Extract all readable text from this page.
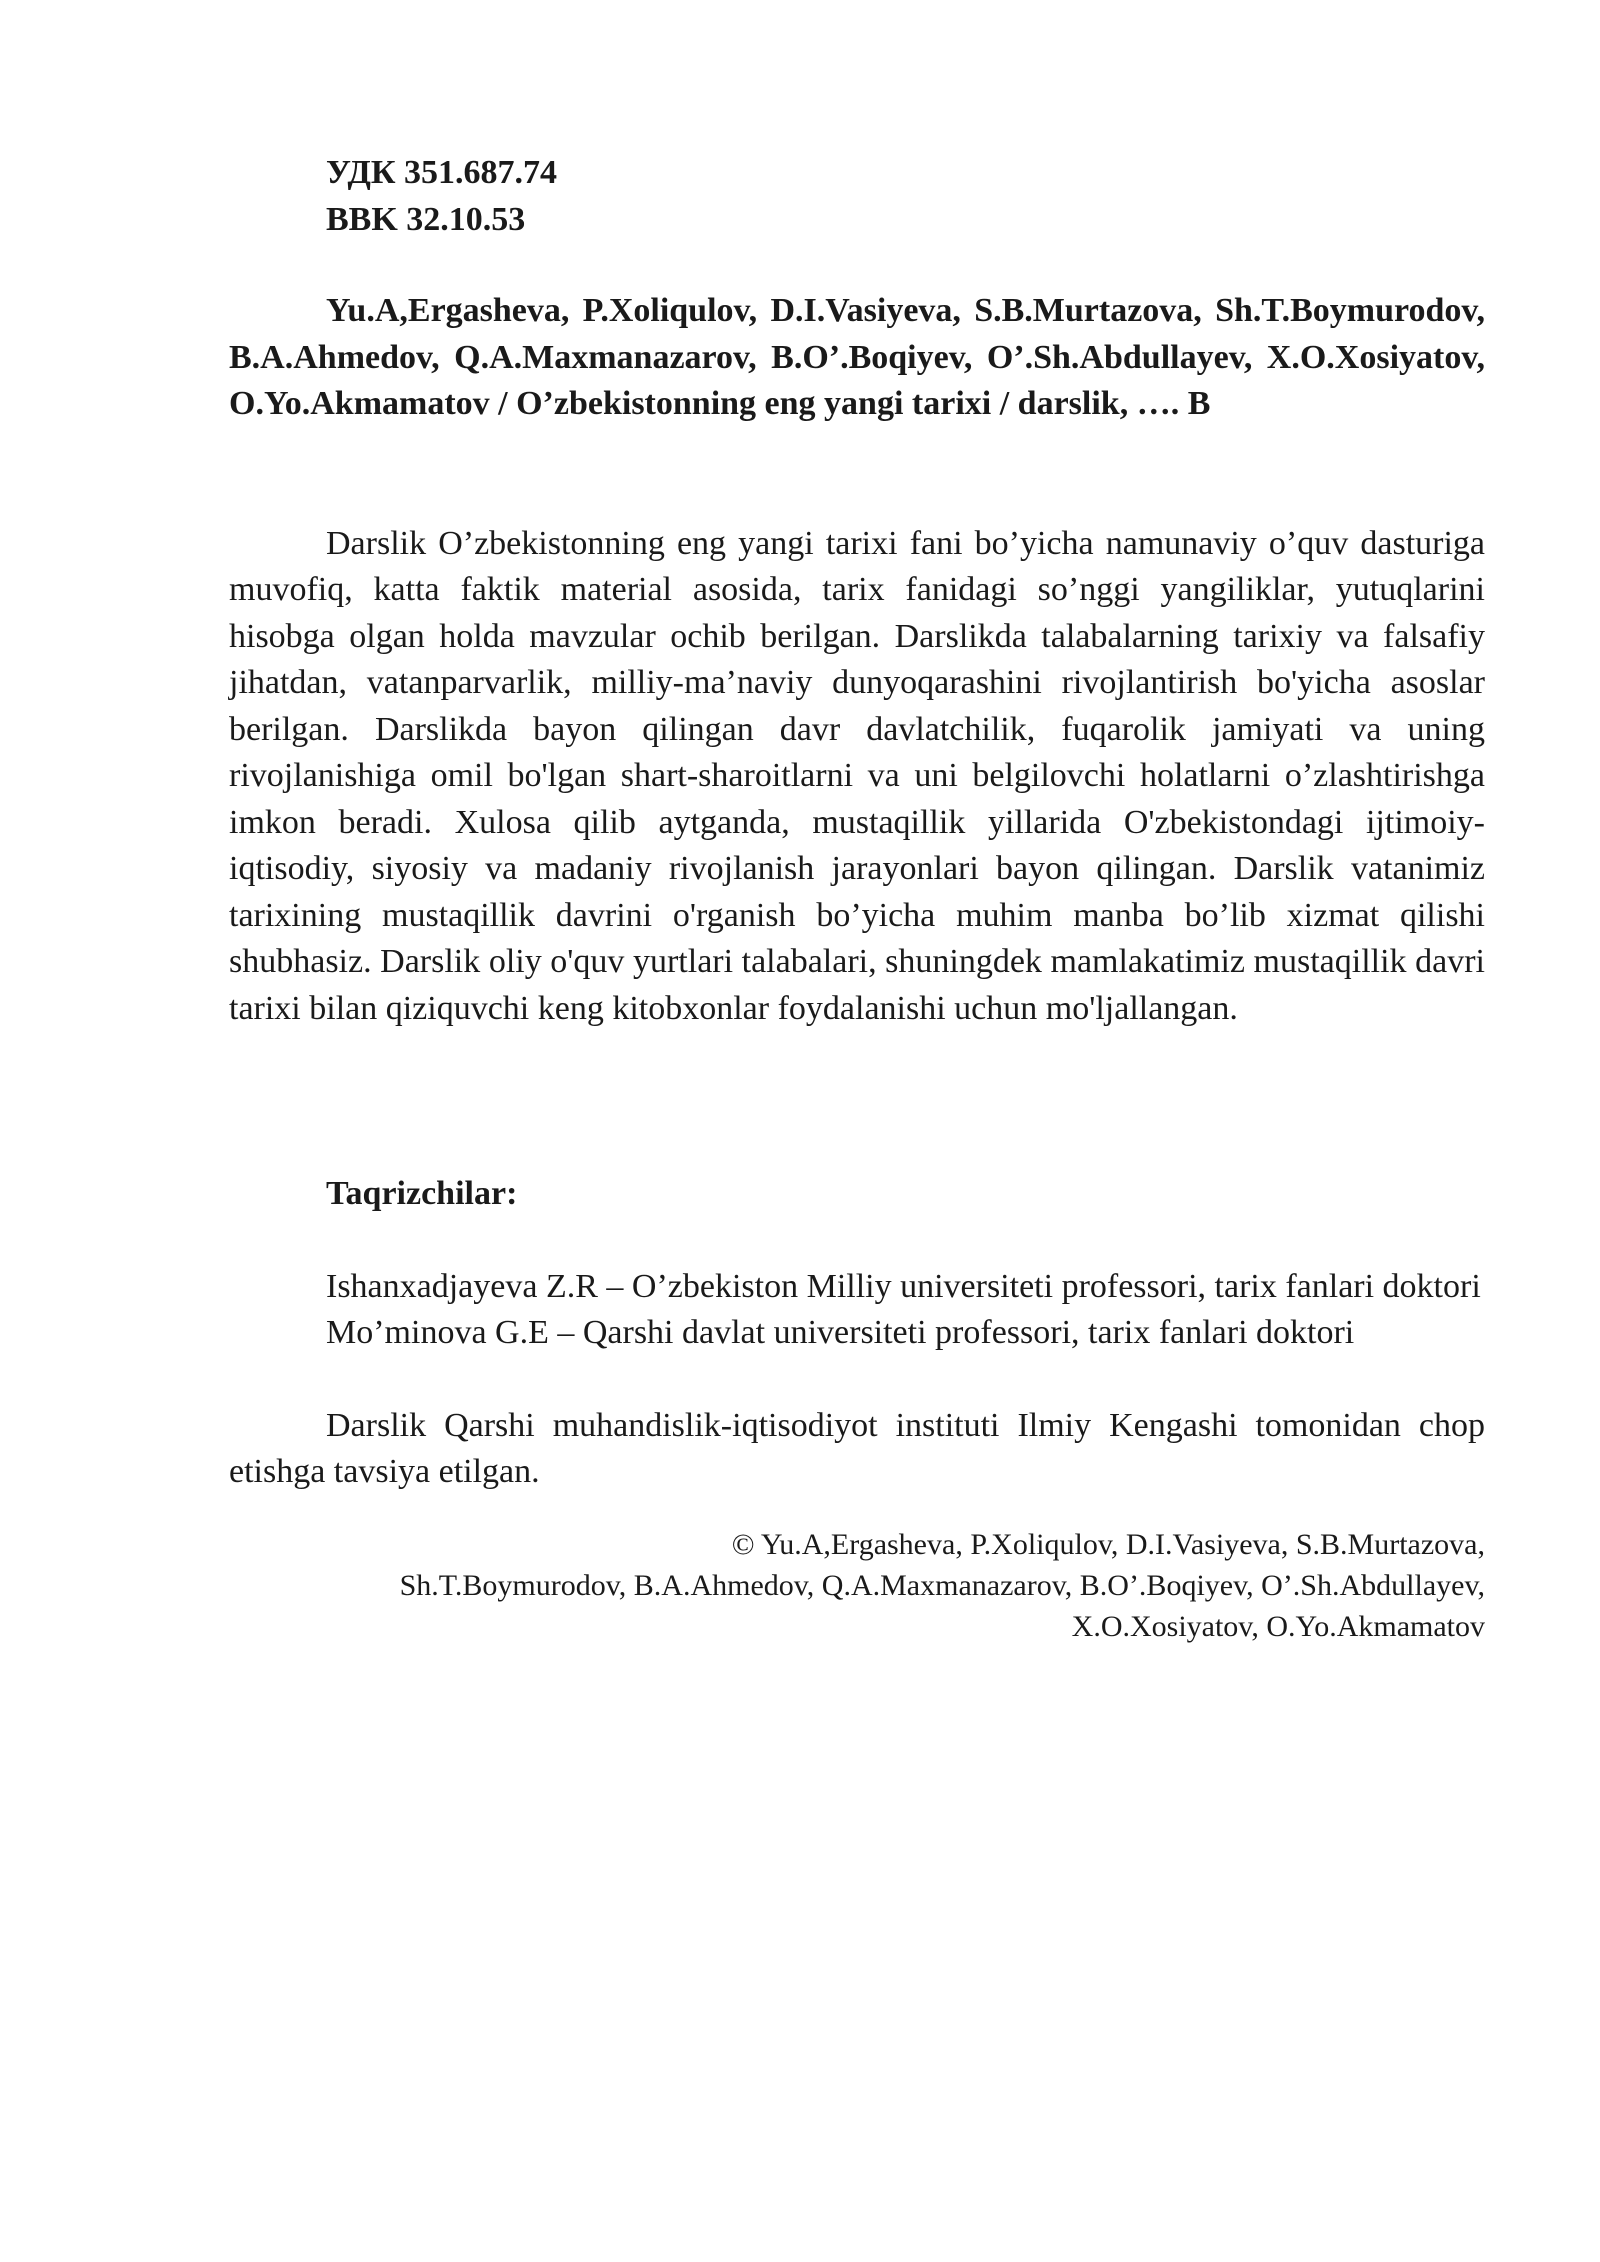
УДК 351.687.74
BBK 32.10.53

Yu.A,Ergasheva, P.Xoliqulov, D.I.Vasiyeva, S.B.Murtazova, Sh.T.Boymurodov, B.A.Ahmedov, Q.A.Maxmanazarov, B.O’.Boqiyev, O’.Sh.Abdullayev, X.O.Xosiyatov, O.Yo.Akmamatov / O’zbekistonning eng yangi tarixi / darslik, …. B

Darslik O’zbekistonning eng yangi tarixi fani bo’yicha namunaviy o’quv dasturiga muvofiq, katta faktik material asosida, tarix fanidagi so’nggi yangiliklar, yutuqlarini hisobga olgan holda mavzular ochib berilgan. Darslikda talabalarning tarixiy va falsafiy jihatdan, vatanparvarlik, milliy-ma’naviy dunyoqarashini rivojlantirish bo'yicha asoslar berilgan. Darslikda bayon qilingan davr davlatchilik, fuqarolik jamiyati va uning rivojlanishiga omil bo'lgan shart-sharoitlarni va uni belgilovchi holatlarni o’zlashtirishga imkon beradi. Xulosa qilib aytganda, mustaqillik yillarida O'zbekistondagi ijtimoiy-iqtisodiy, siyosiy va madaniy rivojlanish jarayonlari bayon qilingan. Darslik vatanimiz tarixining mustaqillik davrini o'rganish bo’yicha muhim manba bo’lib xizmat qilishi shubhasiz. Darslik oliy o'quv yurtlari talabalari, shuningdek mamlakatimiz mustaqillik davri tarixi bilan qiziquvchi keng kitobxonlar foydalanishi uchun mo'ljallangan.

Taqrizchilar:

Ishanxadjayeva Z.R – O’zbekiston Milliy universiteti professori, tarix fanlari doktori

Mo’minova G.E – Qarshi davlat universiteti professori, tarix fanlari doktori

Darslik Qarshi muhandislik-iqtisodiyot instituti Ilmiy Kengashi tomonidan chop etishga tavsiya etilgan.

© Yu.A,Ergasheva, P.Xoliqulov, D.I.Vasiyeva, S.B.Murtazova,
Sh.T.Boymurodov, B.A.Ahmedov, Q.A.Maxmanazarov, B.O’.Boqiyev, O’.Sh.Abdullayev,
X.O.Xosiyatov, O.Yo.Akmamatov
